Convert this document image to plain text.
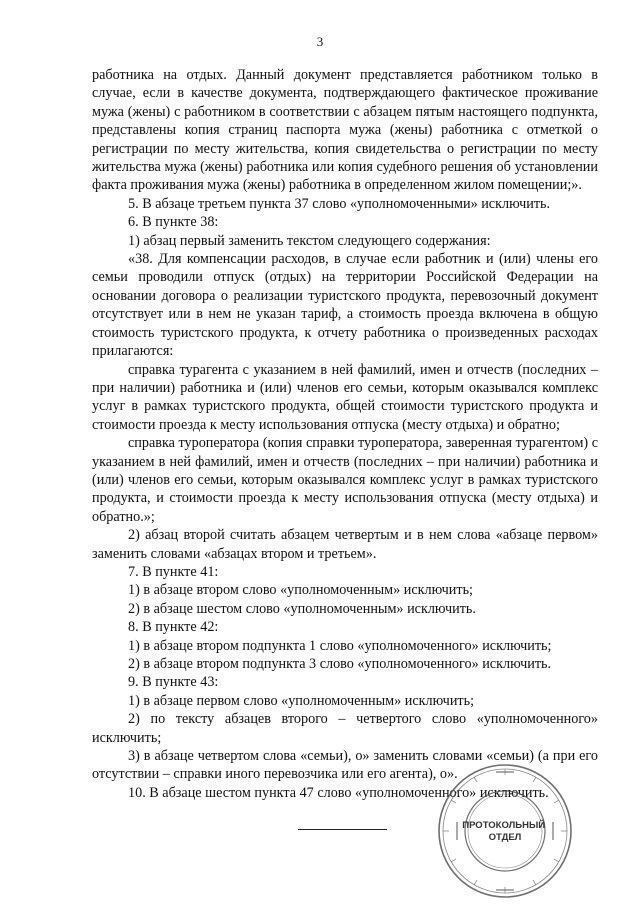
3

работника на отдых. Данный документ представляется работником только в случае, если в качестве документа, подтверждающего фактическое проживание мужа (жены) с работником в соответствии с абзацем пятым настоящего подпункта, представлены копия страниц паспорта мужа (жены) работника с отметкой о регистрации по месту жительства, копия свидетельства о регистрации по месту жительства мужа (жены) работника или копия судебного решения об установлении факта проживания мужа (жены) работника в определенном жилом помещении;».

5. В абзаце третьем пункта 37 слово «уполномоченными» исключить.

6. В пункте 38:

1) абзац первый заменить текстом следующего содержания:

«38. Для компенсации расходов, в случае если работник и (или) члены его семьи проводили отпуск (отдых) на территории Российской Федерации на основании договора о реализации туристского продукта, перевозочный документ отсутствует или в нем не указан тариф, а стоимость проезда включена в общую стоимость туристского продукта, к отчету работника о произведенных расходах прилагаются:

справка турагента с указанием в ней фамилий, имен и отчеств (последних – при наличии) работника и (или) членов его семьи, которым оказывался комплекс услуг в рамках туристского продукта, общей стоимости туристского продукта и стоимости проезда к месту использования отпуска (месту отдыха) и обратно;

справка туроператора (копия справки туроператора, заверенная турагентом) с указанием в ней фамилий, имен и отчеств (последних – при наличии) работника и (или) членов его семьи, которым оказывался комплекс услуг в рамках туристского продукта, и стоимости проезда к месту использования отпуска (месту отдыха) и обратно.»;

2) абзац второй считать абзацем четвертым и в нем слова «абзаце первом» заменить словами «абзацах втором и третьем».

7. В пункте 41:

1) в абзаце втором слово «уполномоченным» исключить;

2) в абзаце шестом слово «уполномоченным» исключить.

8. В пункте 42:

1) в абзаце втором подпункта 1 слово «уполномоченного» исключить;

2) в абзаце втором подпункта 3 слово «уполномоченного» исключить.

9. В пункте 43:

1) в абзаце первом слово «уполномоченным» исключить;

2) по тексту абзацев второго – четвертого слово «уполномоченного» исключить;

3) в абзаце четвертом слова «семьи), о» заменить словами «семьи) (а при его отсутствии – справки иного перевозчика или его агента), о».

10. В абзаце шестом пункта 47 слово «уполномоченного» исключить.

ПРОТОКОЛЬНЫЙ ОТДЕЛ
